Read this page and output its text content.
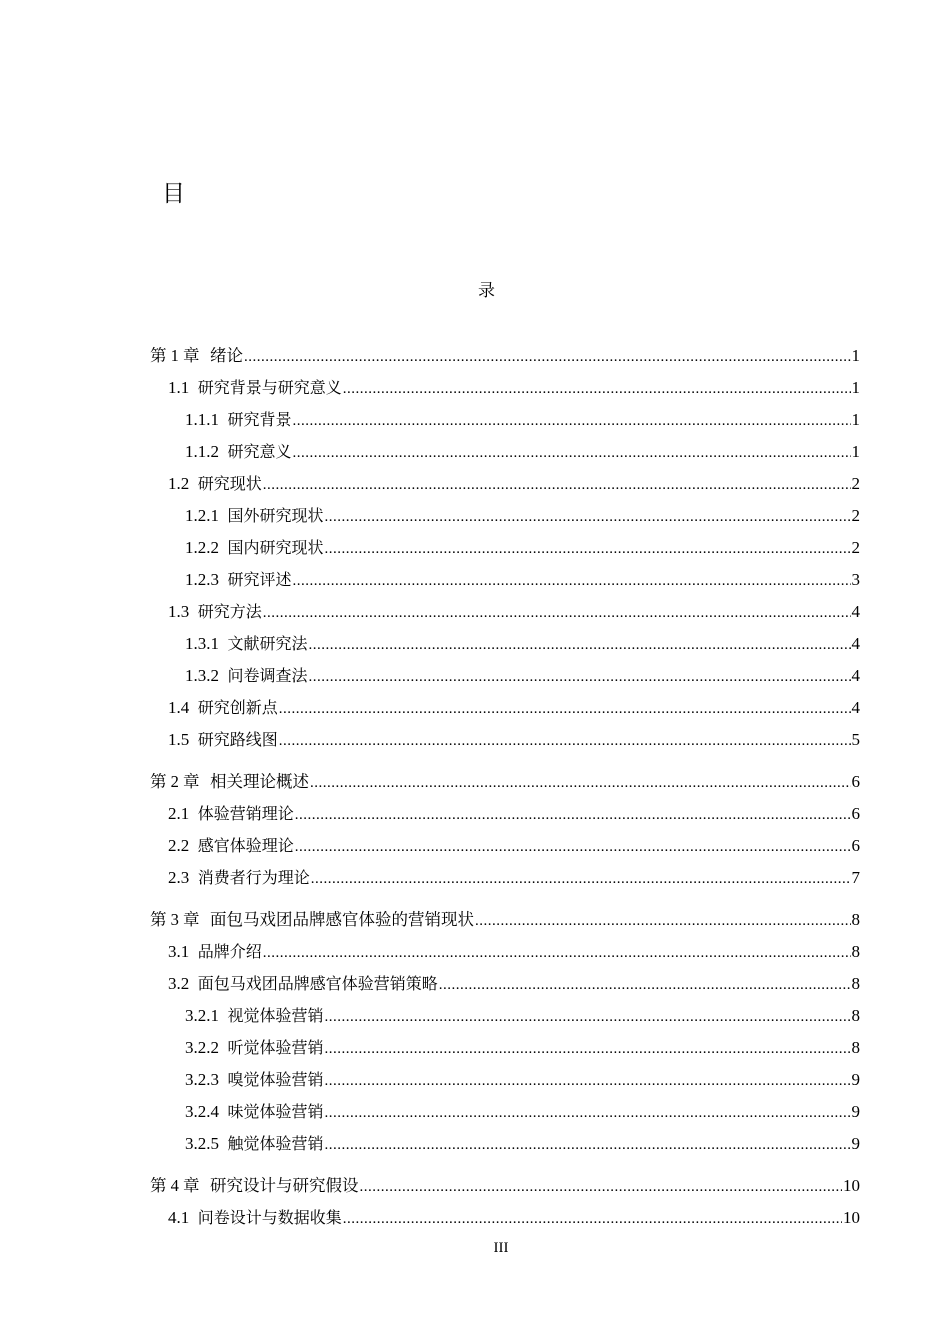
目
录
第 1 章 绪论 .....	1
1.1 研究背景与研究意义 .....	1
1.1.1 研究背景 .....	1
1.1.2 研究意义 .....	1
1.2 研究现状 .....	2
1.2.1 国外研究现状 .....	2
1.2.2 国内研究现状 .....	2
1.2.3 研究评述 .....	3
1.3 研究方法 .....	4
1.3.1 文献研究法 .....	4
1.3.2 问卷调查法 .....	4
1.4 研究创新点 .....	4
1.5 研究路线图 .....	5
第 2 章 相关理论概述 .....	6
2.1 体验营销理论 .....	6
2.2 感官体验理论 .....	6
2.3 消费者行为理论 .....	7
第 3 章 面包马戏团品牌感官体验的营销现状 .....	8
3.1 品牌介绍 .....	8
3.2 面包马戏团品牌感官体验营销策略 .....	8
3.2.1 视觉体验营销 .....	8
3.2.2 听觉体验营销 .....	8
3.2.3 嗅觉体验营销 .....	9
3.2.4 味觉体验营销 .....	9
3.2.5 触觉体验营销 .....	9
第 4 章 研究设计与研究假设 .....	10
4.1 问卷设计与数据收集 .....	10
III
